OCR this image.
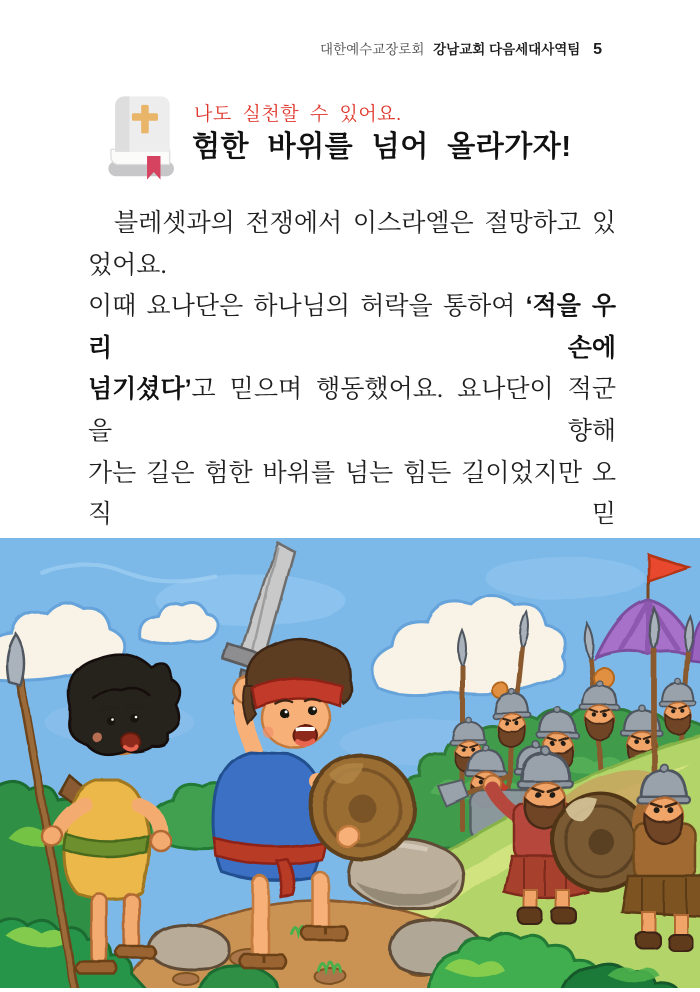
대한예수교장로회 강남교회 다음세대사역팀 5
나도 실천할 수 있어요.
험한 바위를 넘어 올라가자!
블레셋과의 전쟁에서 이스라엘은 절망하고 있었어요.
이때 요나단은 하나님의 허락을 통하여 ‘적을 우리 손에
넘기셨다’고 믿으며 행동했어요. 요나단이 적군을 향해
가는 길은 험한 바위를 넘는 힘든 길이었지만 오직 믿
